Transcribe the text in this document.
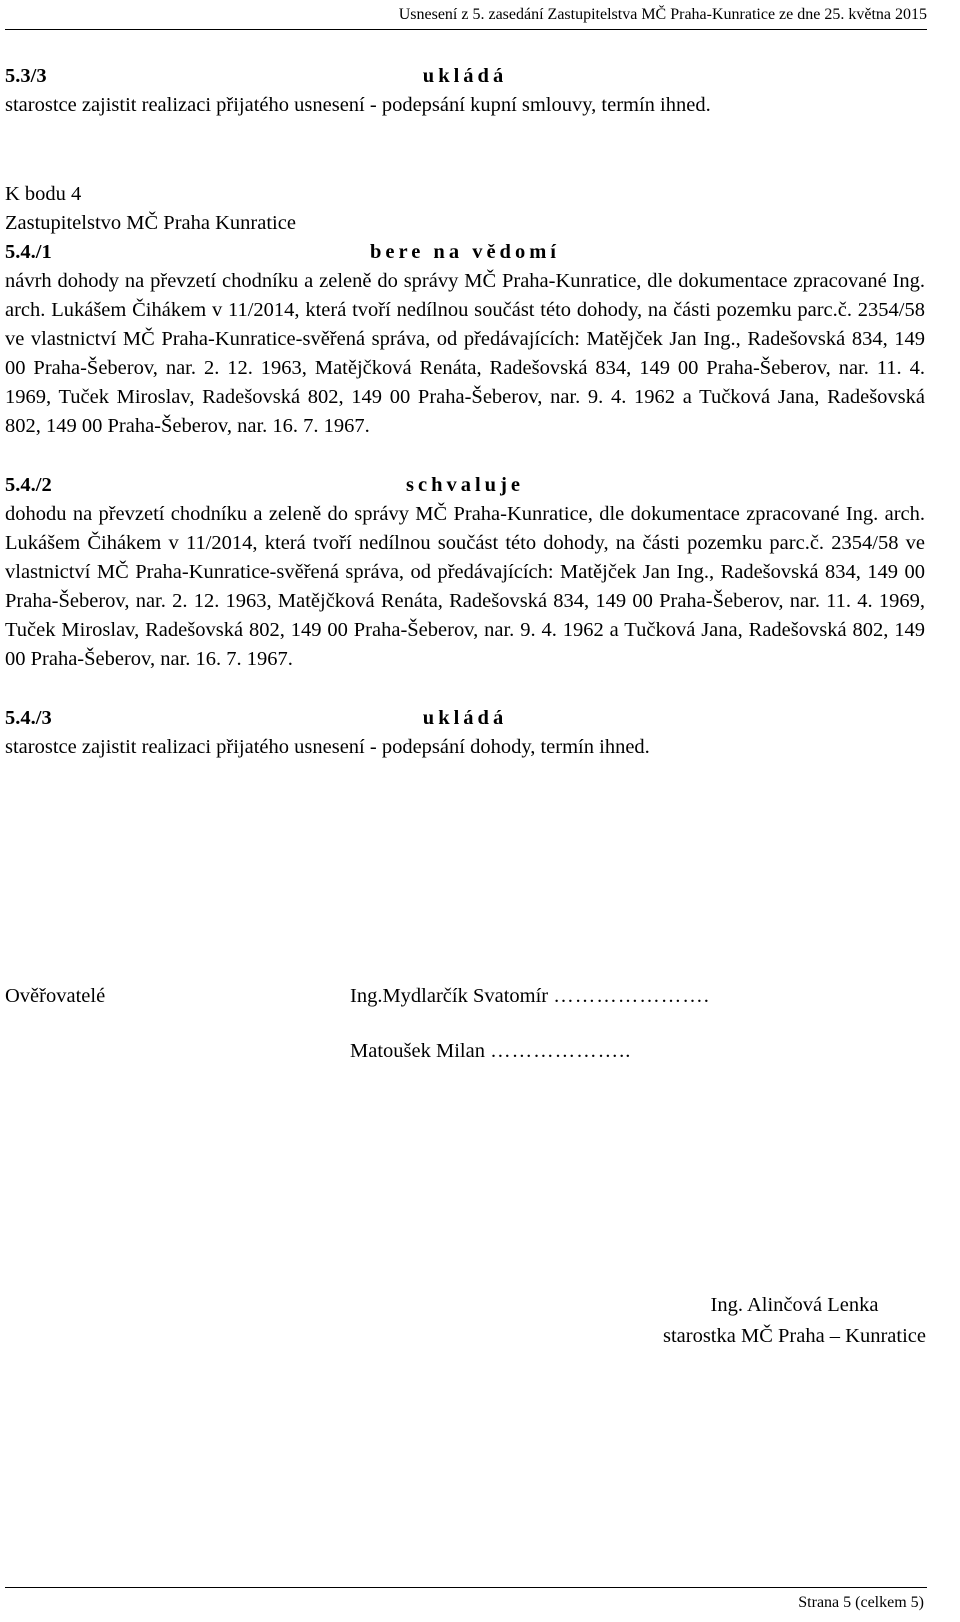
Usnesení z 5. zasedání Zastupitelstva MČ Praha-Kunratice ze dne 25. května 2015
5.3/3	ukládá

starostce zajistit realizaci přijatého usnesení - podepsání kupní smlouvy, termín ihned.

K bodu 4
Zastupitelstvo MČ Praha Kunratice
5.4./1	bere na vědomí

návrh dohody na převzetí chodníku a zeleně do správy MČ Praha-Kunratice, dle dokumentace zpracované Ing. arch. Lukášem Čihákem v 11/2014, která tvoří nedílnou součást této dohody, na části pozemku parc.č. 2354/58 ve vlastnictví MČ Praha-Kunratice-svěřená správa, od předávajících: Matějček Jan Ing., Radešovská 834, 149 00 Praha-Šeberov, nar. 2. 12. 1963, Matějčková Renáta, Radešovská 834, 149 00 Praha-Šeberov, nar. 11. 4. 1969, Tuček Miroslav, Radešovská 802, 149 00 Praha-Šeberov, nar. 9. 4. 1962 a Tučková Jana, Radešovská 802, 149 00 Praha-Šeberov, nar. 16. 7. 1967.

5.4./2	schvaluje

dohodu na převzetí chodníku a zeleně do správy MČ Praha-Kunratice, dle dokumentace zpracované Ing. arch. Lukášem Čihákem v 11/2014, která tvoří nedílnou součást této dohody, na části pozemku parc.č. 2354/58 ve vlastnictví MČ Praha-Kunratice-svěřená správa, od předávajících: Matějček Jan Ing., Radešovská 834, 149 00 Praha-Šeberov, nar. 2. 12. 1963, Matějčková Renáta, Radešovská 834, 149 00 Praha-Šeberov, nar. 11. 4. 1969, Tuček Miroslav, Radešovská 802, 149 00 Praha-Šeberov, nar. 9. 4. 1962 a Tučková Jana, Radešovská 802, 149 00 Praha-Šeberov, nar. 16. 7. 1967.

5.4./3	ukládá

starostce zajistit realizaci přijatého usnesení - podepsání dohody, termín ihned.

Ověřovatelé	Ing.Mydlarčík Svatomír ………………….
Matoušek Milan ………………..
Ing. Alinčová Lenka
starostka MČ Praha – Kunratice
Strana 5 (celkem 5)
